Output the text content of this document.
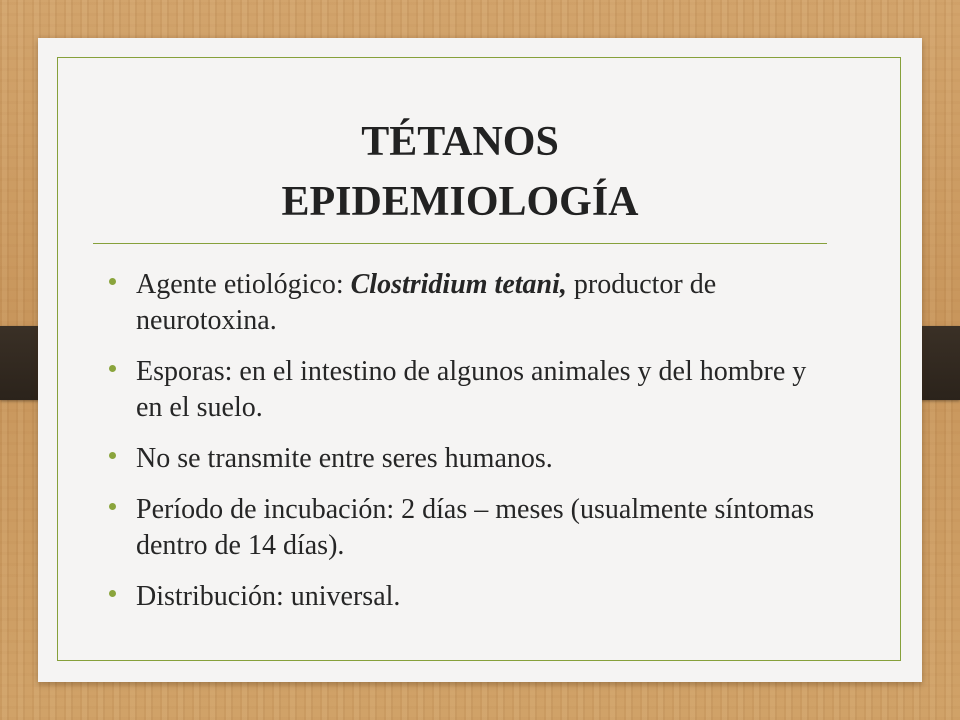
TÉTANOS
EPIDEMIOLOGÍA
Agente etiológico: Clostridium tetani, productor de neurotoxina.
Esporas: en el intestino de algunos animales y del hombre y en el suelo.
No se transmite entre seres humanos.
Período de incubación: 2 días – meses (usualmente síntomas dentro de 14 días).
Distribución: universal.
